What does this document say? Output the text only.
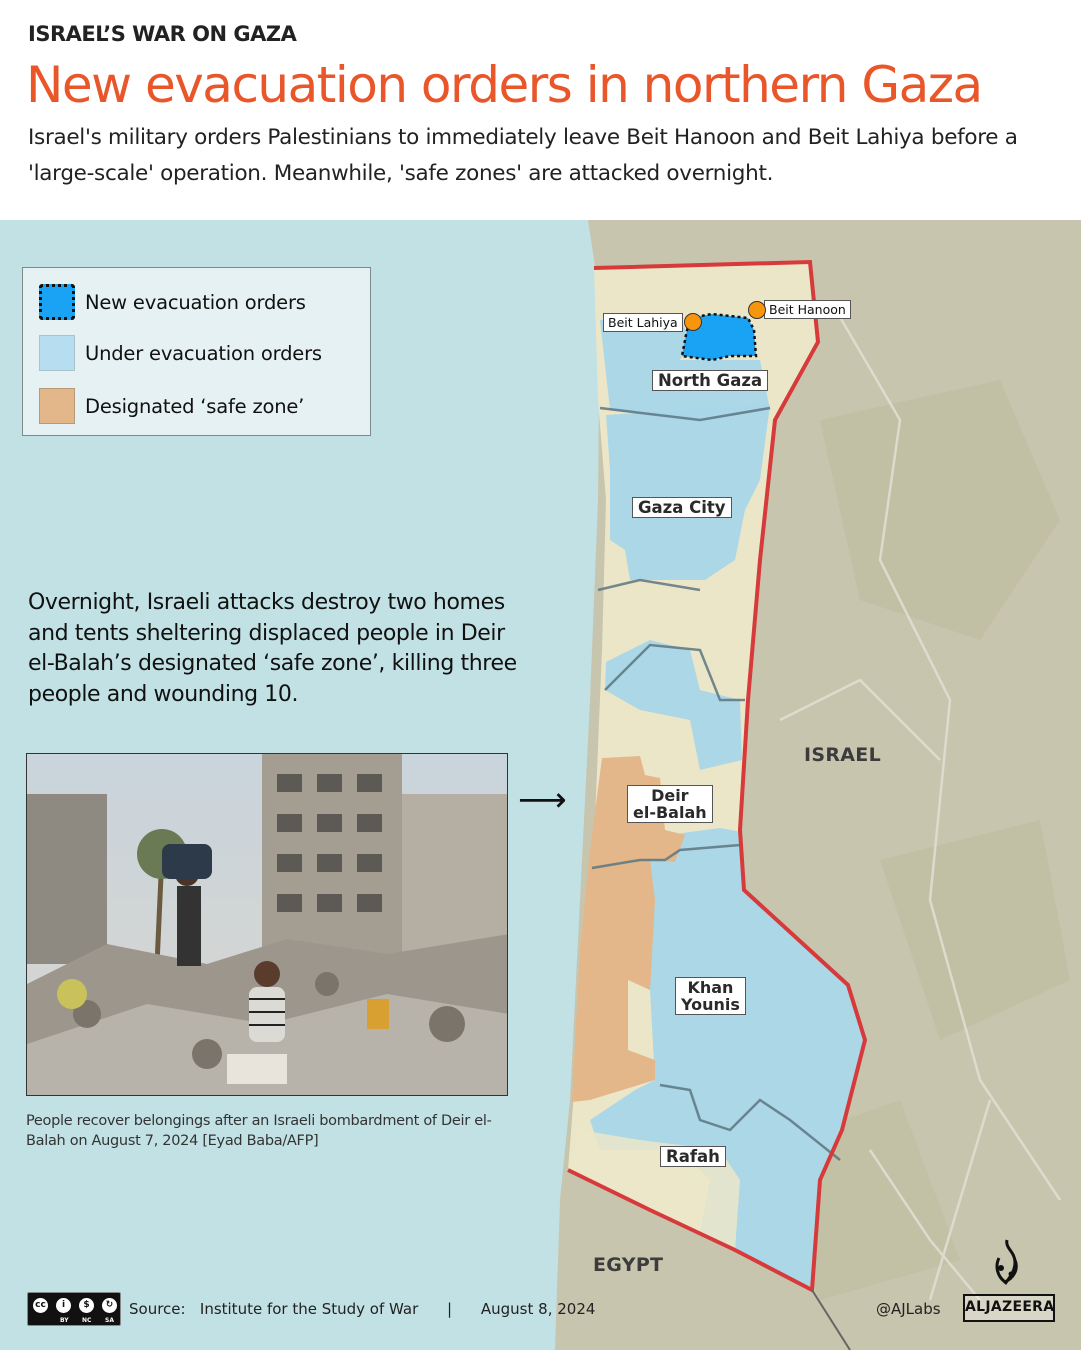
ISRAEL’S WAR ON GAZA
New evacuation orders in northern Gaza

Israel's military orders Palestinians to immediately leave Beit Hanoon and Beit Lahiya before a 'large-scale' operation. Meanwhile, 'safe zones' are attacked overnight.

New evacuation orders
Under evacuation orders
Designated ‘safe zone’

Overnight, Israeli attacks destroy two homes and tents sheltering displaced people in Deir el-Balah’s designated ‘safe zone’, killing three people and wounding 10.

People recover belongings after an Israeli bombardment of Deir el-Balah on August 7, 2024 [Eyad Baba/AFP]
⟶
Beit Lahiya
Beit Hanoon
North Gaza
Gaza City
Deir
el-Balah
Khan
Younis
Rafah
ISRAEL
EGYPT
cc	i	$	↻
BY NC SA
Source: Institute for the Study of War | August 8, 2024	@AJLabs ALJAZEERA
